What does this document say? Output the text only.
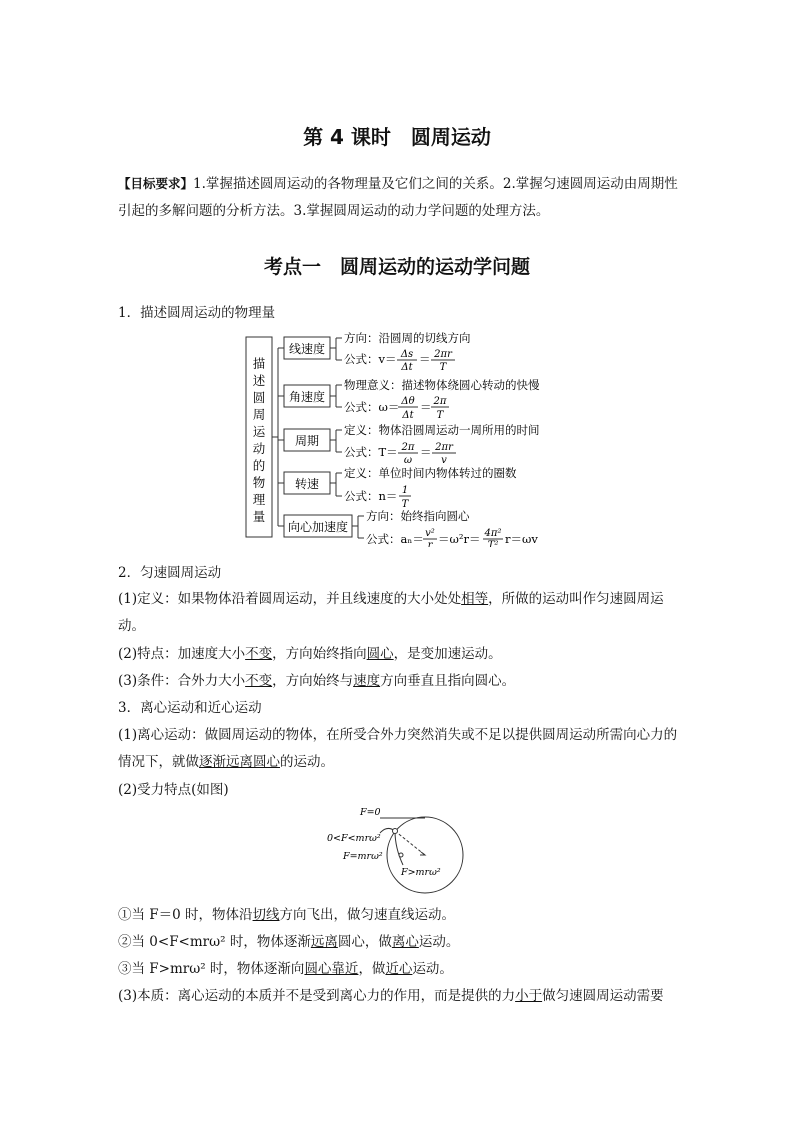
第 4 课时　圆周运动
【目标要求】1.掌握描述圆周运动的各物理量及它们之间的关系。2.掌握匀速圆周运动由周期性引起的多解问题的分析方法。3.掌握圆周运动的动力学问题的处理方法。
考点一　圆周运动的运动学问题
1．描述圆周运动的物理量
描
述
圆
周
运
动
的
物
理
量
线速度
角速度
周期
转速
向心加速度
方向：沿圆周的切线方向
公式：v＝ Δs
Δt
＝ 2πr
T
物理意义：描述物体绕圆心转动的快慢
公式：ω＝ Δθ
Δt
＝ 2π
T
定义：物体沿圆周运动一周所用的时间
公式：T＝ 2π
ω
＝ 2πr
v
定义：单位时间内物体转过的圈数
公式：n＝ 1
T
方向：始终指向圆心
公式：aₙ＝ v²
r ＝ω²r＝ 4π²
T² r＝ωv
2．匀速圆周运动
(1)定义：如果物体沿着圆周运动，并且线速度的大小处处相等，所做的运动叫作匀速圆周运动。
(2)特点：加速度大小不变，方向始终指向圆心，是变加速运动。
(3)条件：合外力大小不变，方向始终与速度方向垂直且指向圆心。
3．离心运动和近心运动
(1)离心运动：做圆周运动的物体，在所受合外力突然消失或不足以提供圆周运动所需向心力的情况下，就做逐渐远离圆心的运动。
(2)受力特点(如图)
F=0
0<F<mrω²
F=mrω²
F>mrω²
①当 F＝0 时，物体沿切线方向飞出，做匀速直线运动。
②当 0<F<mrω² 时，物体逐渐远离圆心，做离心运动。
③当 F>mrω² 时，物体逐渐向圆心靠近，做近心运动。
(3)本质：离心运动的本质并不是受到离心力的作用，而是提供的力小于做匀速圆周运动需要
